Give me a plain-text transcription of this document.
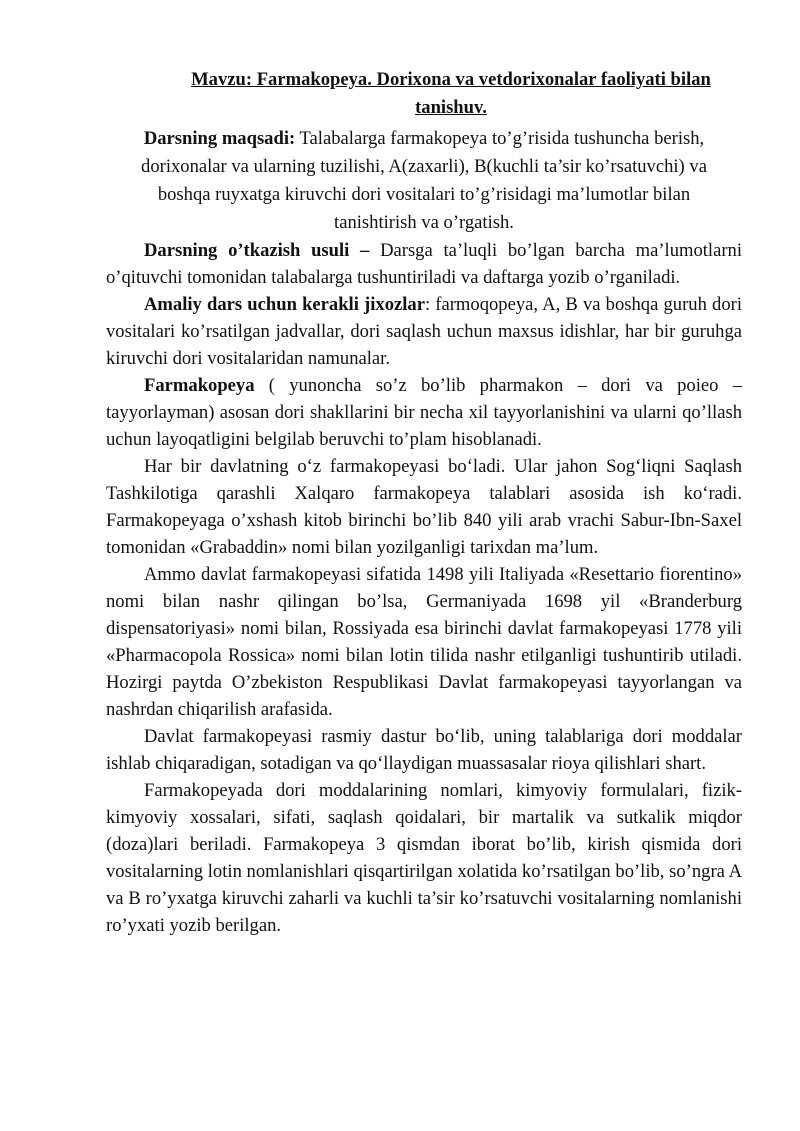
Mavzu: Farmakopeya. Dorixona va vetdorixonalar faoliyati bilan tanishuv.

Darsning maqsadi: Talabalarga farmakopeya to’g’risida tushuncha berish, dorixonalar va ularning tuzilishi, A(zaxarli), B(kuchli ta’sir ko’rsatuvchi) va boshqa ruyxatga kiruvchi dori vositalari to’g’risidagi ma’lumotlar bilan tanishtirish va o’rgatish.

Darsning o’tkazish usuli – Darsga ta’luqli bo’lgan barcha ma’lumotlarni o’qituvchi tomonidan talabalarga tushuntiriladi va daftarga yozib o’rganiladi.

Amaliy dars uchun kerakli jixozlar: farmoqopeya, A, B va boshqa guruh dori vositalari ko’rsatilgan jadvallar, dori saqlash uchun maxsus idishlar, har bir guruhga kiruvchi dori vositalaridan namunalar.

Farmakopeya ( yunoncha so’z bo’lib pharmakon – dori va poieo – tayyorlayman) asosan dori shakllarini bir necha xil tayyorlanishini va ularni qo’llash uchun layoqatligini belgilab beruvchi to’plam hisoblanadi.

Har bir davlatning o‘z farmakopeyasi bo‘ladi. Ular jahon Sog‘liqni Saqlash Tashkilotiga qarashli Xalqaro farmakopeya talablari asosida ish ko‘radi. Farmakopeyaga o’xshash kitob birinchi bo’lib 840 yili arab vrachi Sabur-Ibn-Saxel tomonidan «Grabaddin» nomi bilan yozilganligi tarixdan ma’lum.

Ammo davlat farmakopeyasi sifatida 1498 yili Italiyada «Resettario fiorentino» nomi bilan nashr qilingan bo’lsa, Germaniyada 1698 yil «Branderburg dispensatoriyasi» nomi bilan, Rossiyada esa birinchi davlat farmakopeyasi 1778 yili «Pharmacopola Rossica» nomi bilan lotin tilida nashr etilganligi tushuntirib utiladi. Hozirgi paytda O’zbekiston Respublikasi Davlat farmakopeyasi tayyorlangan va nashrdan chiqarilish arafasida.

Davlat farmakopeyasi rasmiy dastur bo‘lib, uning talablariga dori moddalar ishlab chiqaradigan, sotadigan va qo‘llaydigan muassasalar rioya qilishlari shart.

Farmakopeyada dori moddalarining nomlari, kimyoviy formulalari, fizik-kimyoviy xossalari, sifati, saqlash qoidalari, bir martalik va sutkalik miqdor (doza)lari beriladi. Farmakopeya 3 qismdan iborat bo’lib, kirish qismida dori vositalarning lotin nomlanishlari qisqartirilgan xolatida ko’rsatilgan bo’lib, so’ngra A va B ro’yxatga kiruvchi zaharli va kuchli ta’sir ko’rsatuvchi vositalarning nomlanishi ro’yxati yozib berilgan.
